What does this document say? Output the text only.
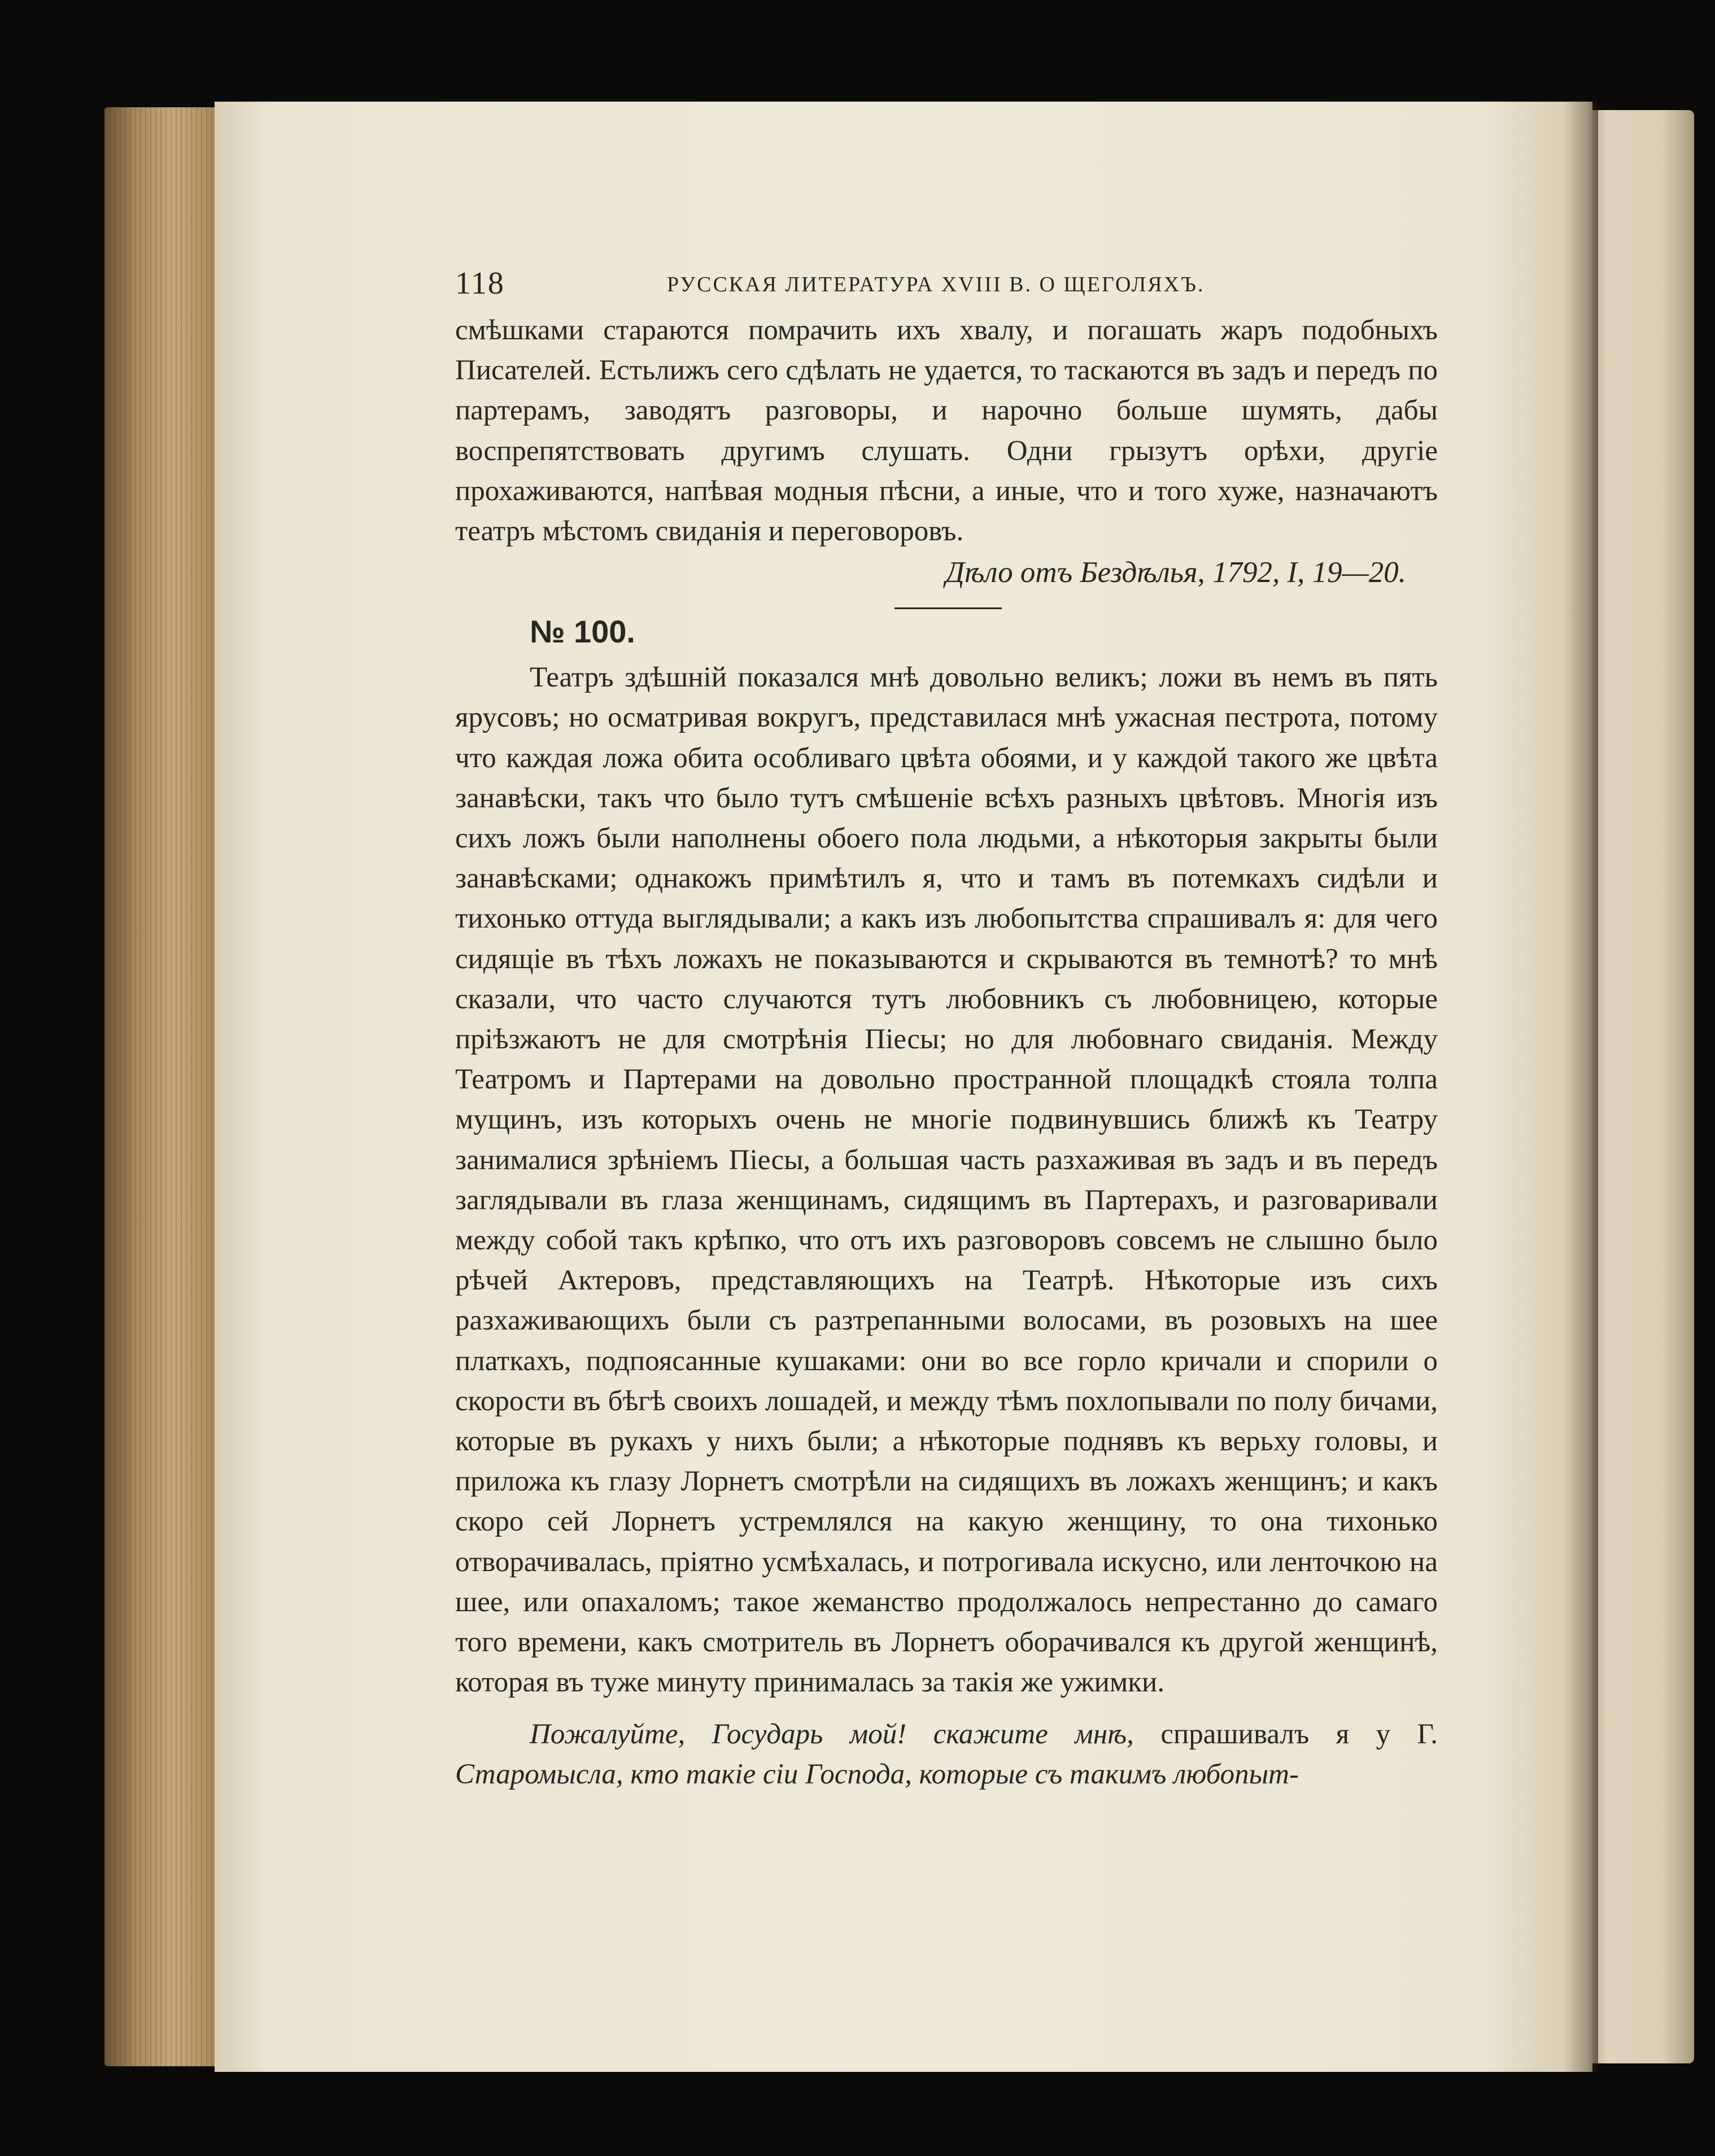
118	РУССКАЯ ЛИТЕРАТУРА XVIII В. О ЩЕГОЛЯХЪ.

смѣшками стараются помрачить ихъ хвалу, и погашать жаръ подобныхъ Писателей. Естьлижъ сего сдѣлать не удается, то таскаются въ задъ и передъ по партерамъ, заводятъ разговоры, и нарочно больше шумять, дабы воспрепятствовать другимъ слушать. Одни грызутъ орѣхи, другіе прохаживаются, напѣвая модныя пѣсни, а иные, что и того хуже, назначаютъ театръ мѣстомъ свиданія и переговоровъ.

Дѣло отъ Бездѣлья, 1792, I, 19—20.

№ 100.

Театръ здѣшній показался мнѣ довольно великъ; ложи въ немъ въ пять ярусовъ; но осматривая вокругъ, представилася мнѣ ужасная пестрота, потому что каждая ложа обита особливаго цвѣта обоями, и у каждой такого же цвѣта занавѣски, такъ что было тутъ смѣшеніе всѣхъ разныхъ цвѣтовъ. Многія изъ сихъ ложъ были наполнены обоего пола людьми, а нѣкоторыя закрыты были занавѣсками; однакожъ примѣтилъ я, что и тамъ въ потемкахъ сидѣли и тихонько оттуда выглядывали; а какъ изъ любопытства спрашивалъ я: для чего сидящіе въ тѣхъ ложахъ не показываются и скрываются въ темнотѣ? то мнѣ сказали, что часто случаются тутъ любовникъ съ любовницею, которые пріѣзжаютъ не для смотрѣнія Піесы; но для любовнаго свиданія. Между Театромъ и Партерами на довольно пространной площадкѣ стояла толпа мущинъ, изъ которыхъ очень не многіе подвинувшись ближѣ къ Театру занималися зрѣніемъ Піесы, а большая часть разхаживая въ задъ и въ передъ заглядывали въ глаза женщинамъ, сидящимъ въ Партерахъ, и разговаривали между собой такъ крѣпко, что отъ ихъ разговоровъ совсемъ не слышно было рѣчей Актеровъ, представляющихъ на Театрѣ. Нѣкоторые изъ сихъ разхаживающихъ были съ разтрепанными волосами, въ розовыхъ на шее платкахъ, подпоясанные кушаками: они во все горло кричали и спорили о скорости въ бѣгѣ своихъ лошадей, и между тѣмъ похлопывали по полу бичами, которые въ рукахъ у нихъ были; а нѣкоторые поднявъ къ верьху головы, и приложа къ глазу Лорнетъ смотрѣли на сидящихъ въ ложахъ женщинъ; и какъ скоро сей Лорнетъ устремлялся на какую женщину, то она тихонько отворачивалась, пріятно усмѣхалась, и потрогивала искусно, или ленточкою на шее, или опахаломъ; такое жеманство продолжалось непрестанно до самаго того времени, какъ смотритель въ Лорнетъ оборачивался къ другой женщинѣ, которая въ туже минуту принималась за такія же ужимки.

Пожалуйте, Государь мой! скажите мнѣ, спрашивалъ я у Г. Старомысла, кто такіе сіи Господа, которые съ такимъ любопыт-
